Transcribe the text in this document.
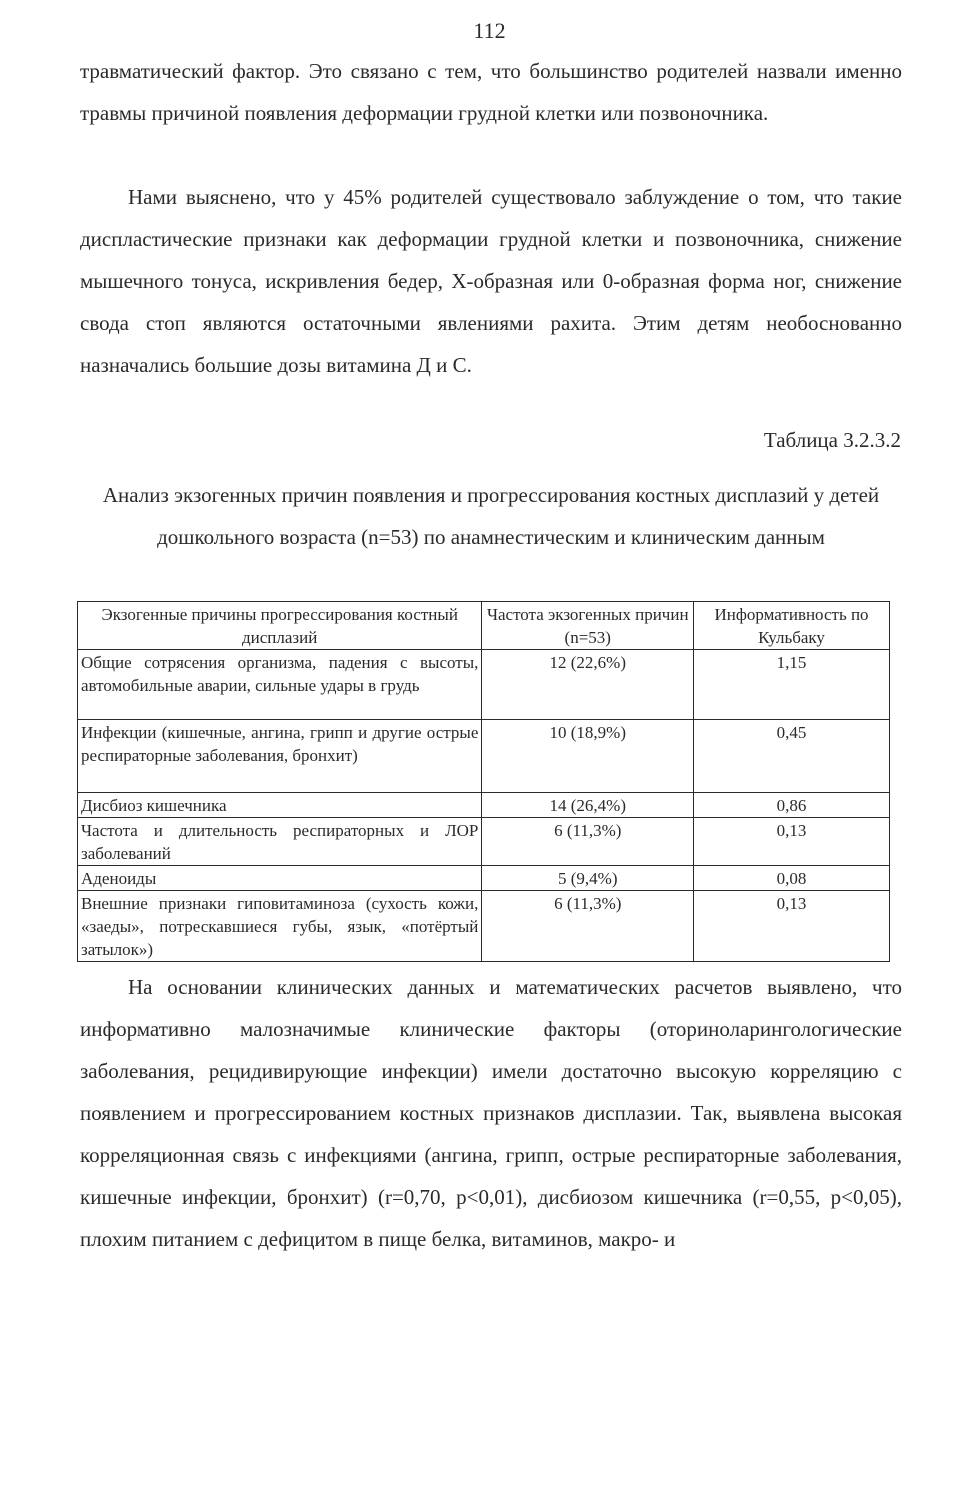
112

травматический фактор. Это связано с тем, что большинство родителей назвали именно травмы причиной появления деформации грудной клетки или позвоночника.

Нами выяснено, что у 45% родителей существовало заблуждение о том, что такие диспластические признаки как деформации грудной клетки и позвоночника, снижение мышечного тонуса, искривления бедер, Х-образная или 0-образная форма ног, снижение свода стоп являются остаточными явлениями рахита. Этим детям необоснованно назначались большие дозы витамина Д и С.

Таблица 3.2.3.2
Анализ экзогенных причин появления и прогрессирования костных дисплазий у детей дошкольного возраста (n=53) по анамнестическим и клиническим данным
Экзогенные причины прогрессирования костный дисплазий	Частота экзогенных причин (n=53)	Информативность по Кульбаку
Общие сотрясения организма, падения с высоты, автомобильные аварии, сильные удары в грудь	12 (22,6%)	1,15
Инфекции (кишечные, ангина, грипп и другие острые респираторные заболевания, бронхит)	10 (18,9%)	0,45
Дисбиоз кишечника	14 (26,4%)	0,86
Частота и длительность респираторных и ЛОР заболеваний	6 (11,3%)	0,13
Аденоиды	5 (9,4%)	0,08
Внешние признаки гиповитаминоза (сухость кожи, «заеды», потрескавшиеся губы, язык, «потёртый затылок»)	6 (11,3%)	0,13

На основании клинических данных и математических расчетов выявлено, что информативно малозначимые клинические факторы (оториноларингологические заболевания, рецидивирующие инфекции) имели достаточно высокую корреляцию с появлением и прогрессированием костных признаков дисплазии. Так, выявлена высокая корреляционная связь с инфекциями (ангина, грипп, острые респираторные заболевания, кишечные инфекции, бронхит) (r=0,70, p<0,01), дисбиозом кишечника (r=0,55, p<0,05), плохим питанием с дефицитом в пище белка, витаминов, макро- и
